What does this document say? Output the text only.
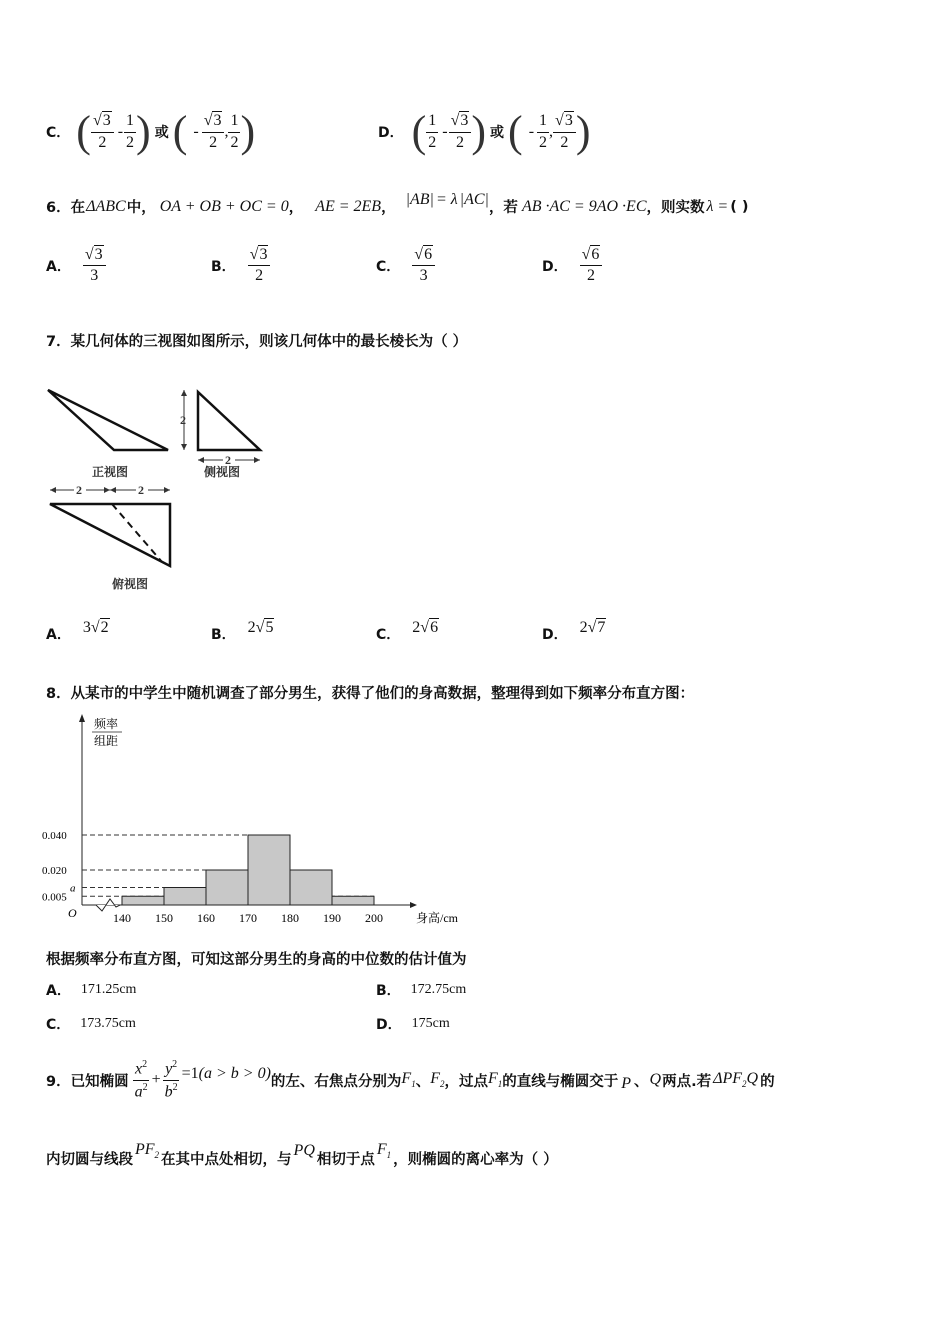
C． ( $\frac{√3}{2} - \frac{1}{2}$ ) 或 ( - $\frac{√3}{2}$ , $\frac{1}{2}$ )	D． ( $\frac{1}{2} - \frac{√3}{2}$ ) 或 ( - $\frac{1}{2}$ , $\frac{√3}{2}$ )
6．在 ΔABC 中， OA + OB + OC = 0 ， AE = 2EB ，
|AB| = λ |AC|
，若 AB ·AC = 9AO ·EC ，则实数 λ = ( )
A． $\frac{√3}{3}$	B． $\frac{√3}{2}$	C． $\frac{√6}{3}$	D． $\frac{√6}{2}$
7．某几何体的三视图如图所示，则该几何体中的最长棱长为（ ）
正视图
2
2
侧视图
2	2
俯视图
A． 3√2	B． 2√5	C． 2√6	D． 2√7
8．从某市的中学生中随机调查了部分男生，获得了他们的身高数据，整理得到如下频率分布直方图：
O
频率
组距
0.040
0.020
a
0.005
140 150 160 170 180 190 200	身高/cm
根据频率分布直方图，可知这部分男生的身高的中位数的估计值为
A． 171.25cm	B． 172.75cm
C． 173.75cm	D． 175cm
9．已知椭圆 $\frac{x^2}{a^2} + \frac{y^2}{b^2} =1$ (a > b > 0) 的左、右焦点分别为 $F_1$ 、 $F_2$ ，过点 $F_1$ 的直线与椭圆交于 P 、 Q 两点.若 $\Delta PF_2Q$ 的
内切圆与线段
$PF_2$ 在其中点处相切，与
PQ
相切于点
$F_1$ ，则椭圆的离心率为（ ）
